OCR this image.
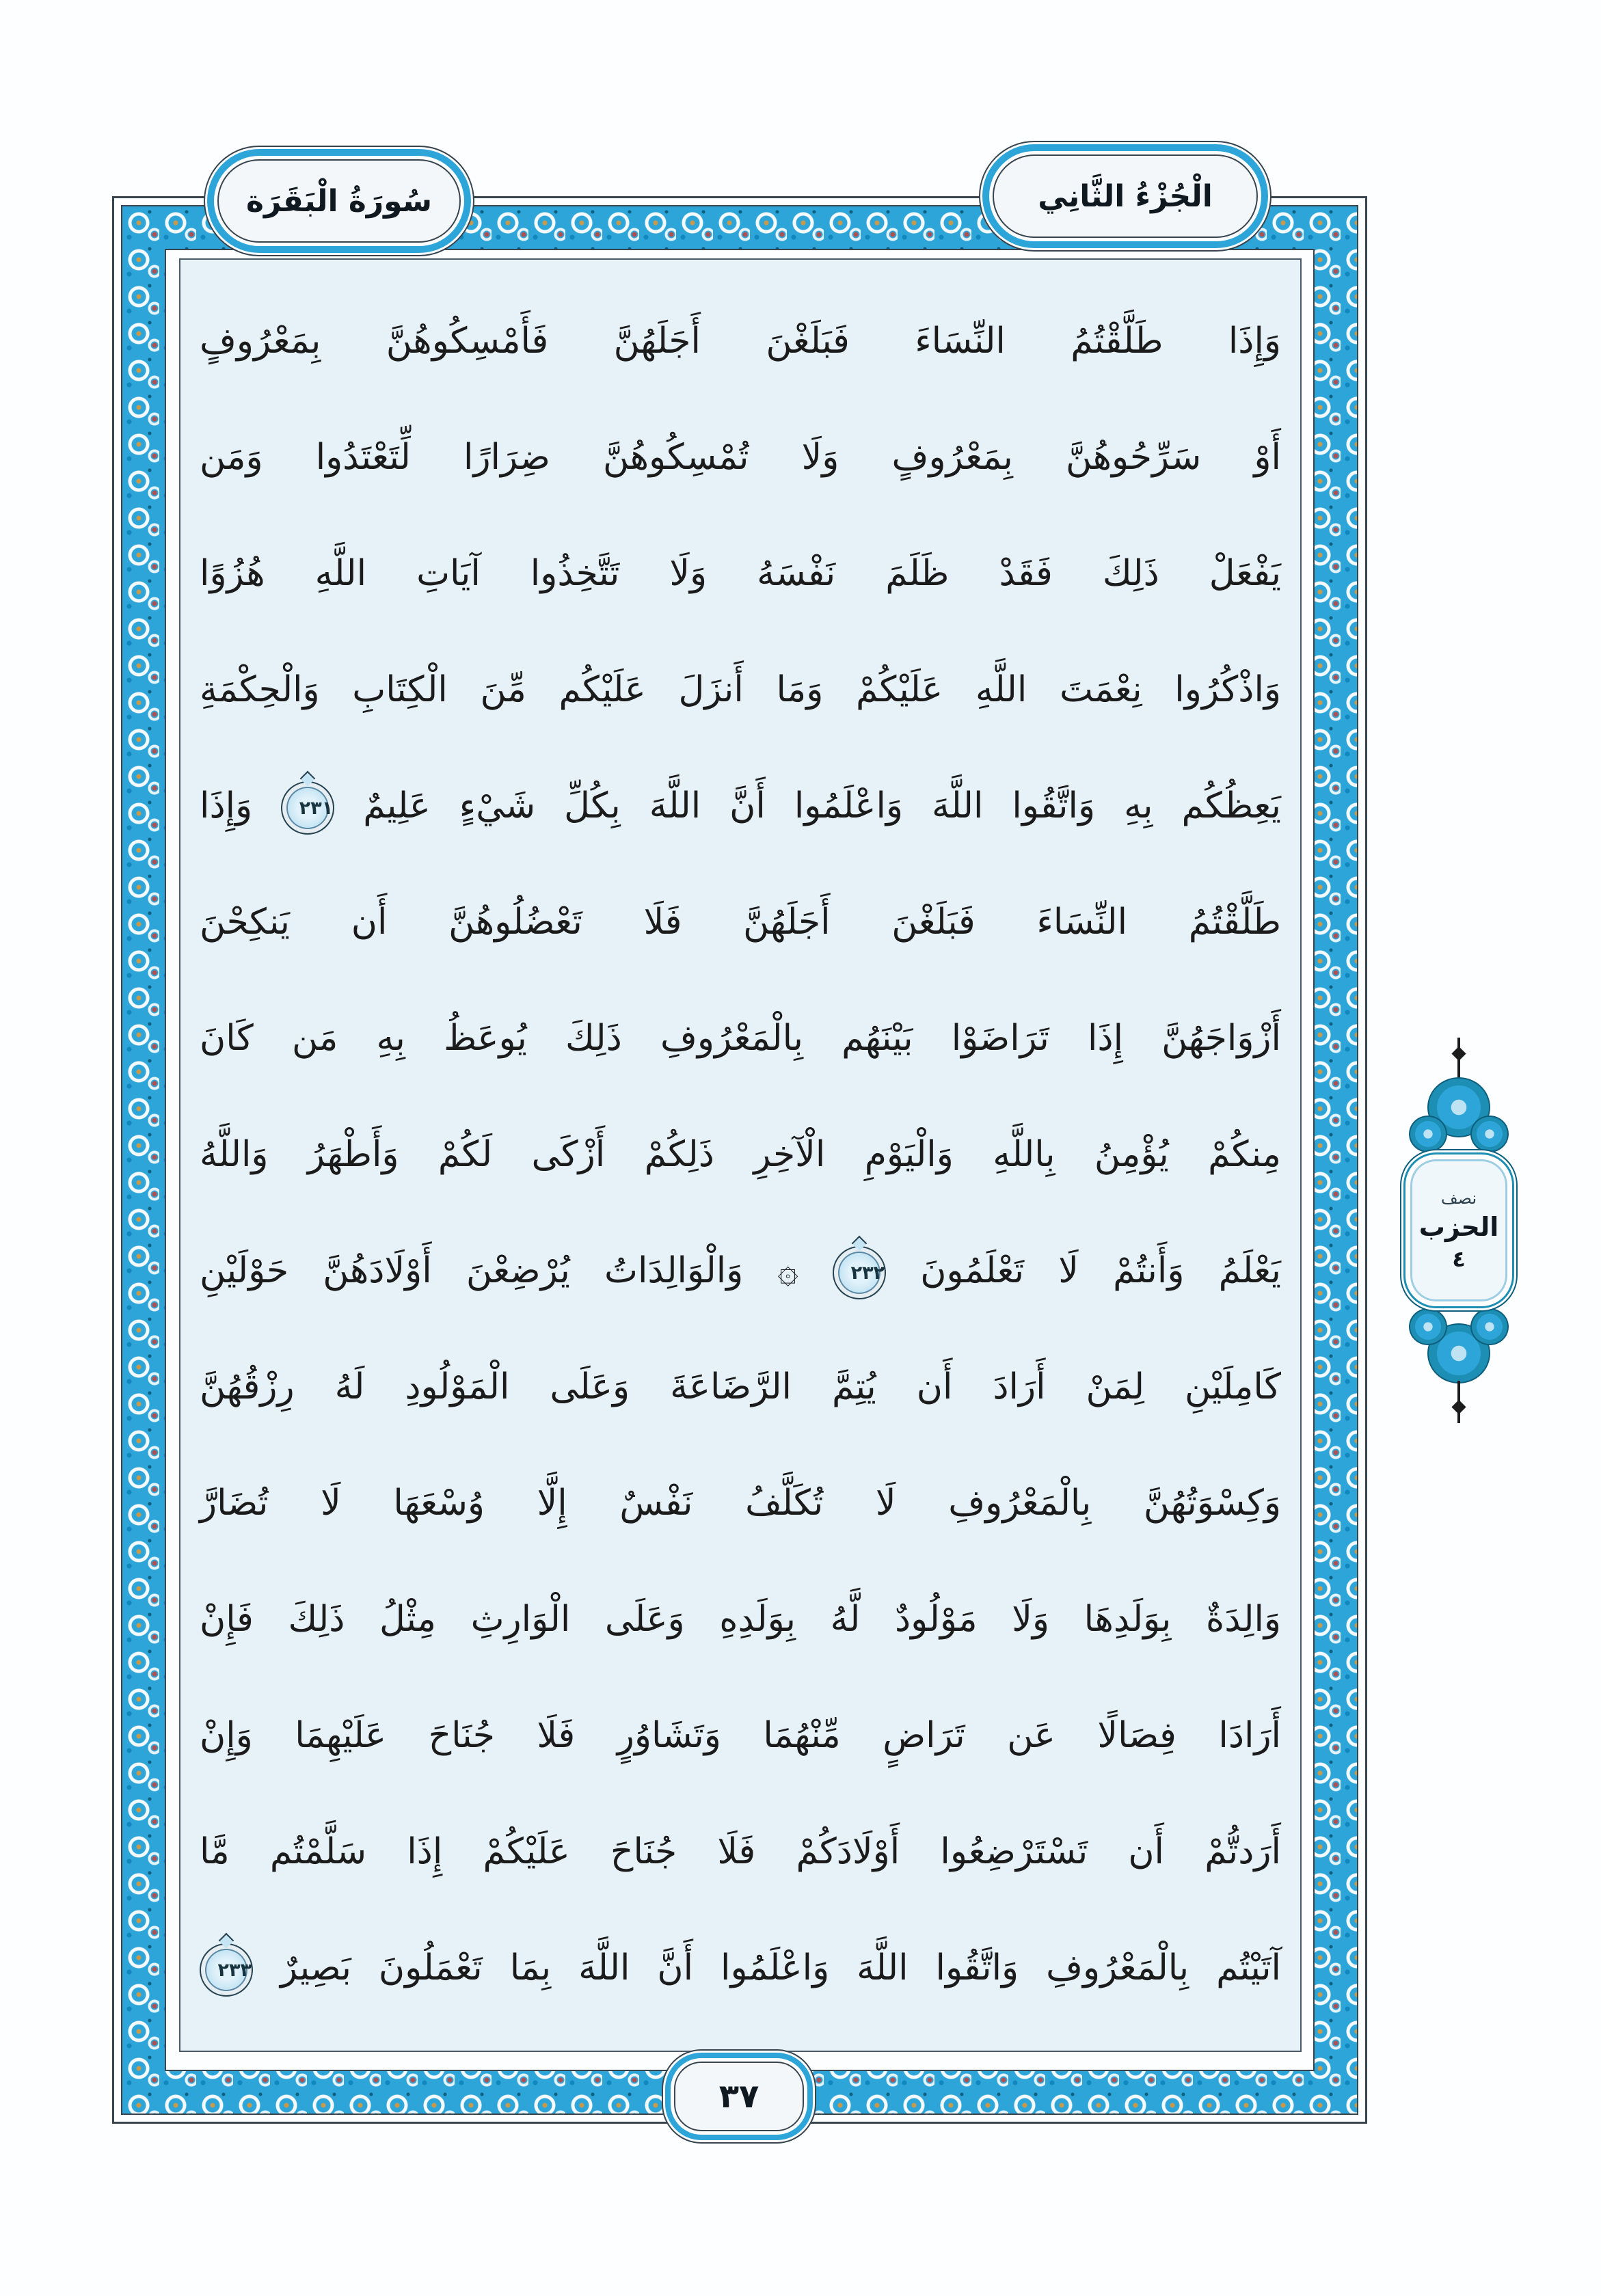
وَإِذَا طَلَّقْتُمُ النِّسَاءَ فَبَلَغْنَ أَجَلَهُنَّ فَأَمْسِكُوهُنَّ بِمَعْرُوفٍ
أَوْ سَرِّحُوهُنَّ بِمَعْرُوفٍ وَلَا تُمْسِكُوهُنَّ ضِرَارًا لِّتَعْتَدُوا وَمَن
يَفْعَلْ ذَلِكَ فَقَدْ ظَلَمَ نَفْسَهُ وَلَا تَتَّخِذُوا آيَاتِ اللَّهِ هُزُوًا
وَاذْكُرُوا نِعْمَتَ اللَّهِ عَلَيْكُمْ وَمَا أَنزَلَ عَلَيْكُم مِّنَ الْكِتَابِ وَالْحِكْمَةِ
يَعِظُكُم بِهِ وَاتَّقُوا اللَّهَ وَاعْلَمُوا أَنَّ اللَّهَ بِكُلِّ شَيْءٍ عَلِيمٌ ٢٣١ وَإِذَا
طَلَّقْتُمُ النِّسَاءَ فَبَلَغْنَ أَجَلَهُنَّ فَلَا تَعْضُلُوهُنَّ أَن يَنكِحْنَ
أَزْوَاجَهُنَّ إِذَا تَرَاضَوْا بَيْنَهُم بِالْمَعْرُوفِ ذَلِكَ يُوعَظُ بِهِ مَن كَانَ
مِنكُمْ يُؤْمِنُ بِاللَّهِ وَالْيَوْمِ الْآخِرِ ذَلِكُمْ أَزْكَى لَكُمْ وَأَطْهَرُ وَاللَّهُ
يَعْلَمُ وَأَنتُمْ لَا تَعْلَمُونَ ٢٣٢ ۞ وَالْوَالِدَاتُ يُرْضِعْنَ أَوْلَادَهُنَّ حَوْلَيْنِ
كَامِلَيْنِ لِمَنْ أَرَادَ أَن يُتِمَّ الرَّضَاعَةَ وَعَلَى الْمَوْلُودِ لَهُ رِزْقُهُنَّ
وَكِسْوَتُهُنَّ بِالْمَعْرُوفِ لَا تُكَلَّفُ نَفْسٌ إِلَّا وُسْعَهَا لَا تُضَارَّ
وَالِدَةٌ بِوَلَدِهَا وَلَا مَوْلُودٌ لَّهُ بِوَلَدِهِ وَعَلَى الْوَارِثِ مِثْلُ ذَلِكَ فَإِنْ
أَرَادَا فِصَالًا عَن تَرَاضٍ مِّنْهُمَا وَتَشَاوُرٍ فَلَا جُنَاحَ عَلَيْهِمَا وَإِنْ
أَرَدتُّمْ أَن تَسْتَرْضِعُوا أَوْلَادَكُمْ فَلَا جُنَاحَ عَلَيْكُمْ إِذَا سَلَّمْتُم مَّا
آتَيْتُم بِالْمَعْرُوفِ وَاتَّقُوا اللَّهَ وَاعْلَمُوا أَنَّ اللَّهَ بِمَا تَعْمَلُونَ بَصِيرٌ ٢٣٣
سُورَةُ الْبَقَرَة	الْجُزْءُ الثَّانِي
نصف
الحزب
٤
٣٧
